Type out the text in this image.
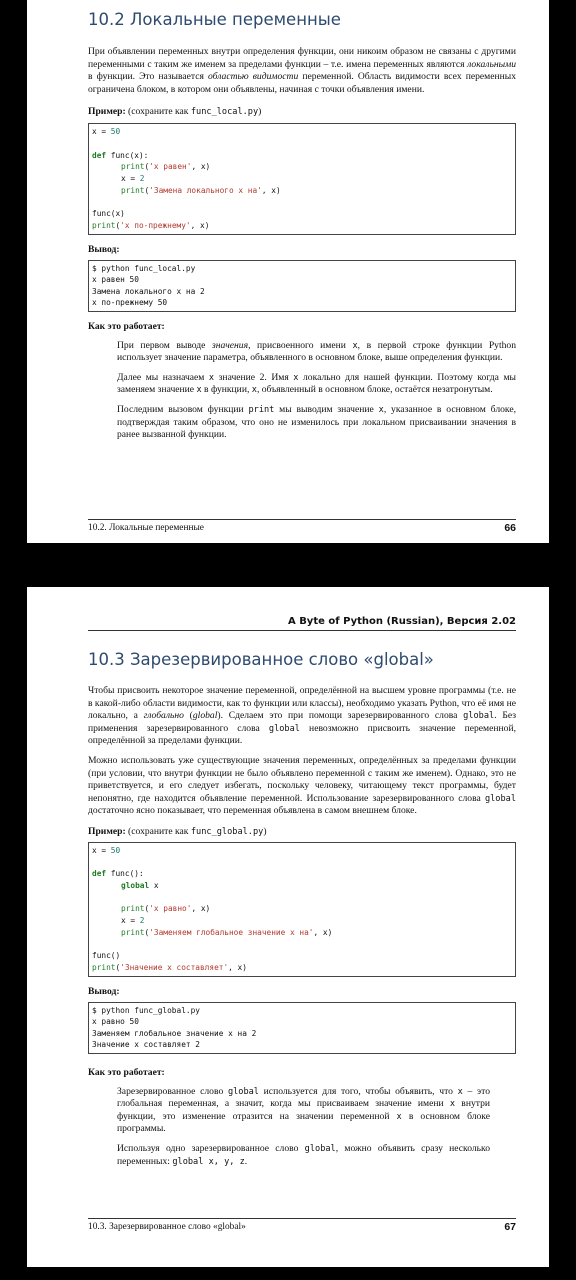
10.2 Локальные переменные

При объявлении переменных внутри определения функции, они никоим образом не связаны с другими переменными с таким же именем за пределами функции – т.е. имена переменных являются локальными в функции. Это называется областью видимости переменной. Область видимости всех переменных ограничена блоком, в котором они объявлены, начиная с точки объявления имени.

Пример: (сохраните как func_local.py)

x = 50

def func(x):
print('x равен', x)
x = 2
print('Замена локального x на', x)

func(x)
print('x по-прежнему', x)

Вывод:

$ python func_local.py
x равен 50
Замена локального x на 2
x по-прежнему 50

Как это работает:

При первом выводе значения, присвоенного имени x, в первой строке функции Python использует значение параметра, объявленного в основном блоке, выше определения функции.

Далее мы назначаем x значение 2. Имя x локально для нашей функции. Поэтому когда мы заменяем значение x в функции, x, объявленный в основном блоке, остаётся незатронутым.

Последним вызовом функции print мы выводим значение x, указанное в основном блоке, подтверждая таким образом, что оно не изменилось при локальном присваивании значения в ранее вызванной функции.

10.2. Локальные переменные	66
A Byte of Python (Russian), Версия 2.02
10.3 Зарезервированное слово «global»

Чтобы присвоить некоторое значение переменной, определённой на высшем уровне программы (т.е. не в какой-либо области видимости, как то функции или классы), необходимо указать Python, что её имя не локально, а глобально (global). Сделаем это при помощи зарезервированного слова global. Без применения зарезервированного слова global невозможно присвоить значение переменной, определённой за пределами функции.

Можно использовать уже существующие значения переменных, определённых за пределами функции (при условии, что внутри функции не было объявлено переменной с таким же именем). Однако, это не приветствуется, и его следует избегать, поскольку человеку, читающему текст программы, будет непонятно, где находится объявление переменной. Использование зарезервированного слова global достаточно ясно показывает, что переменная объявлена в самом внешнем блоке.

Пример: (сохраните как func_global.py)

x = 50

def func():
global x

print('x равно', x)
x = 2
print('Заменяем глобальное значение x на', x)

func()
print('Значение x составляет', x)

Вывод:

$ python func_global.py
x равно 50
Заменяем глобальное значение x на 2
Значение x составляет 2

Как это работает:

Зарезервированное слово global используется для того, чтобы объявить, что x – это глобальная переменная, а значит, когда мы присваиваем значение имени x внутри функции, это изменение отразится на значении переменной x в основном блоке программы.

Используя одно зарезервированное слово global, можно объявить сразу несколько переменных: global x, y, z.

10.3. Зарезервированное слово «global»	67
